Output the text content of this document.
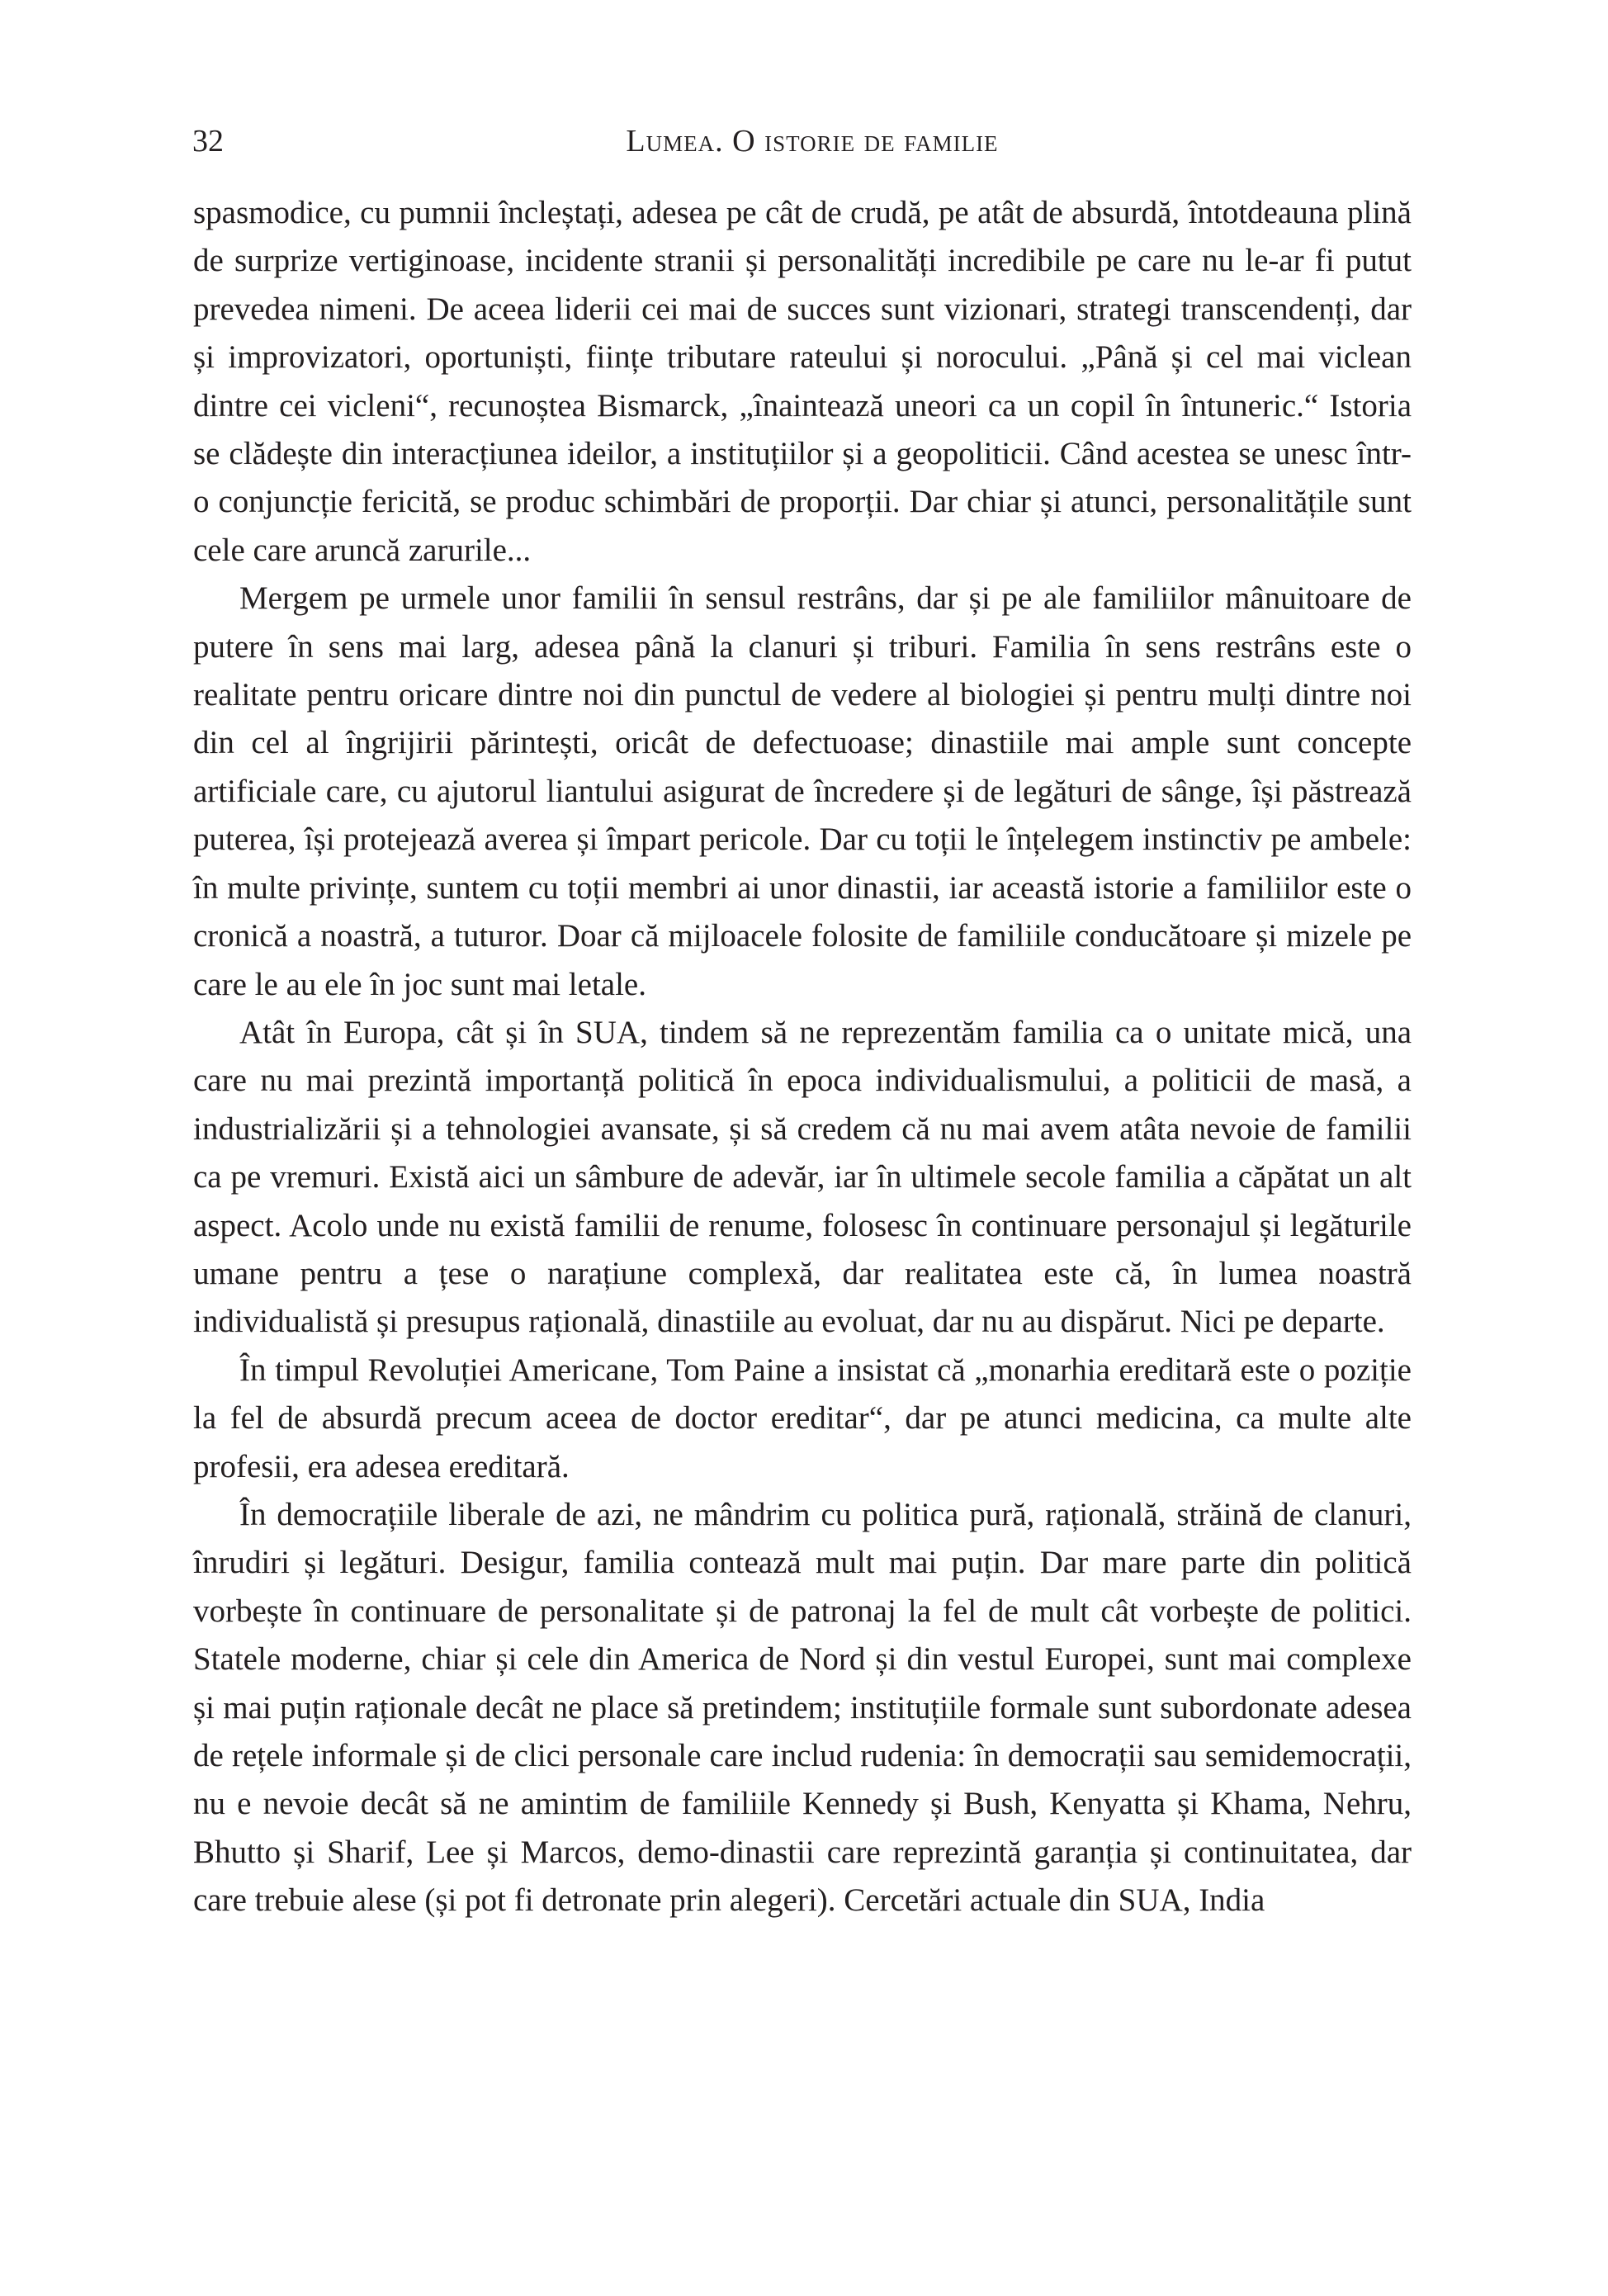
32	Lumea. O istorie de familie

spasmodice, cu pumnii încleștați, adesea pe cât de crudă, pe atât de absurdă, întotdeauna plină de surprize vertiginoase, incidente stranii și personalități incredibile pe care nu le-ar fi putut prevedea nimeni. De aceea liderii cei mai de succes sunt vizionari, strategi transcendenți, dar și improvizatori, oportuniști, ființe tributare rateului și norocului. „Până și cel mai viclean dintre cei vicleni“, recunoștea Bismarck, „înaintează uneori ca un copil în întuneric.“ Istoria se clădește din interacțiunea ideilor, a instituțiilor și a geopoliticii. Când acestea se unesc într-o conjuncție fericită, se produc schimbări de proporții. Dar chiar și atunci, personalitățile sunt cele care aruncă zarurile...

Mergem pe urmele unor familii în sensul restrâns, dar și pe ale familiilor mânuitoare de putere în sens mai larg, adesea până la clanuri și triburi. Familia în sens restrâns este o realitate pentru oricare dintre noi din punctul de vedere al biologiei și pentru mulți dintre noi din cel al îngrijirii părintești, oricât de defectuoase; dinastiile mai ample sunt concepte artificiale care, cu ajutorul liantului asigurat de încredere și de legături de sânge, își păstrează puterea, își protejează averea și împart pericole. Dar cu toții le înțelegem instinctiv pe ambele: în multe privințe, suntem cu toții membri ai unor dinastii, iar această istorie a familiilor este o cronică a noastră, a tuturor. Doar că mijloacele folosite de familiile conducătoare și mizele pe care le au ele în joc sunt mai letale.

Atât în Europa, cât și în SUA, tindem să ne reprezentăm familia ca o unitate mică, una care nu mai prezintă importanță politică în epoca individualismului, a politicii de masă, a industrializării și a tehnologiei avansate, și să credem că nu mai avem atâta nevoie de familii ca pe vremuri. Există aici un sâmbure de adevăr, iar în ultimele secole familia a căpătat un alt aspect. Acolo unde nu există familii de renume, folosesc în continuare personajul și legăturile umane pentru a țese o narațiune complexă, dar realitatea este că, în lumea noastră individualistă și presupus rațională, dinastiile au evoluat, dar nu au dispărut. Nici pe departe.

În timpul Revoluției Americane, Tom Paine a insistat că „monarhia ereditară este o poziție la fel de absurdă precum aceea de doctor ereditar“, dar pe atunci medicina, ca multe alte profesii, era adesea ereditară.

În democrațiile liberale de azi, ne mândrim cu politica pură, rațională, străină de clanuri, înrudiri și legături. Desigur, familia contează mult mai puțin. Dar mare parte din politică vorbește în continuare de personalitate și de patronaj la fel de mult cât vorbește de politici. Statele moderne, chiar și cele din America de Nord și din vestul Europei, sunt mai complexe și mai puțin raționale decât ne place să pretindem; instituțiile formale sunt subordonate adesea de rețele informale și de clici personale care includ rudenia: în democrații sau semidemocrații, nu e nevoie decât să ne amintim de familiile Kennedy și Bush, Kenyatta și Khama, Nehru, Bhutto și Sharif, Lee și Marcos, demo-dinastii care reprezintă garanția și continuitatea, dar care trebuie alese (și pot fi detronate prin alegeri). Cercetări actuale din SUA, India
